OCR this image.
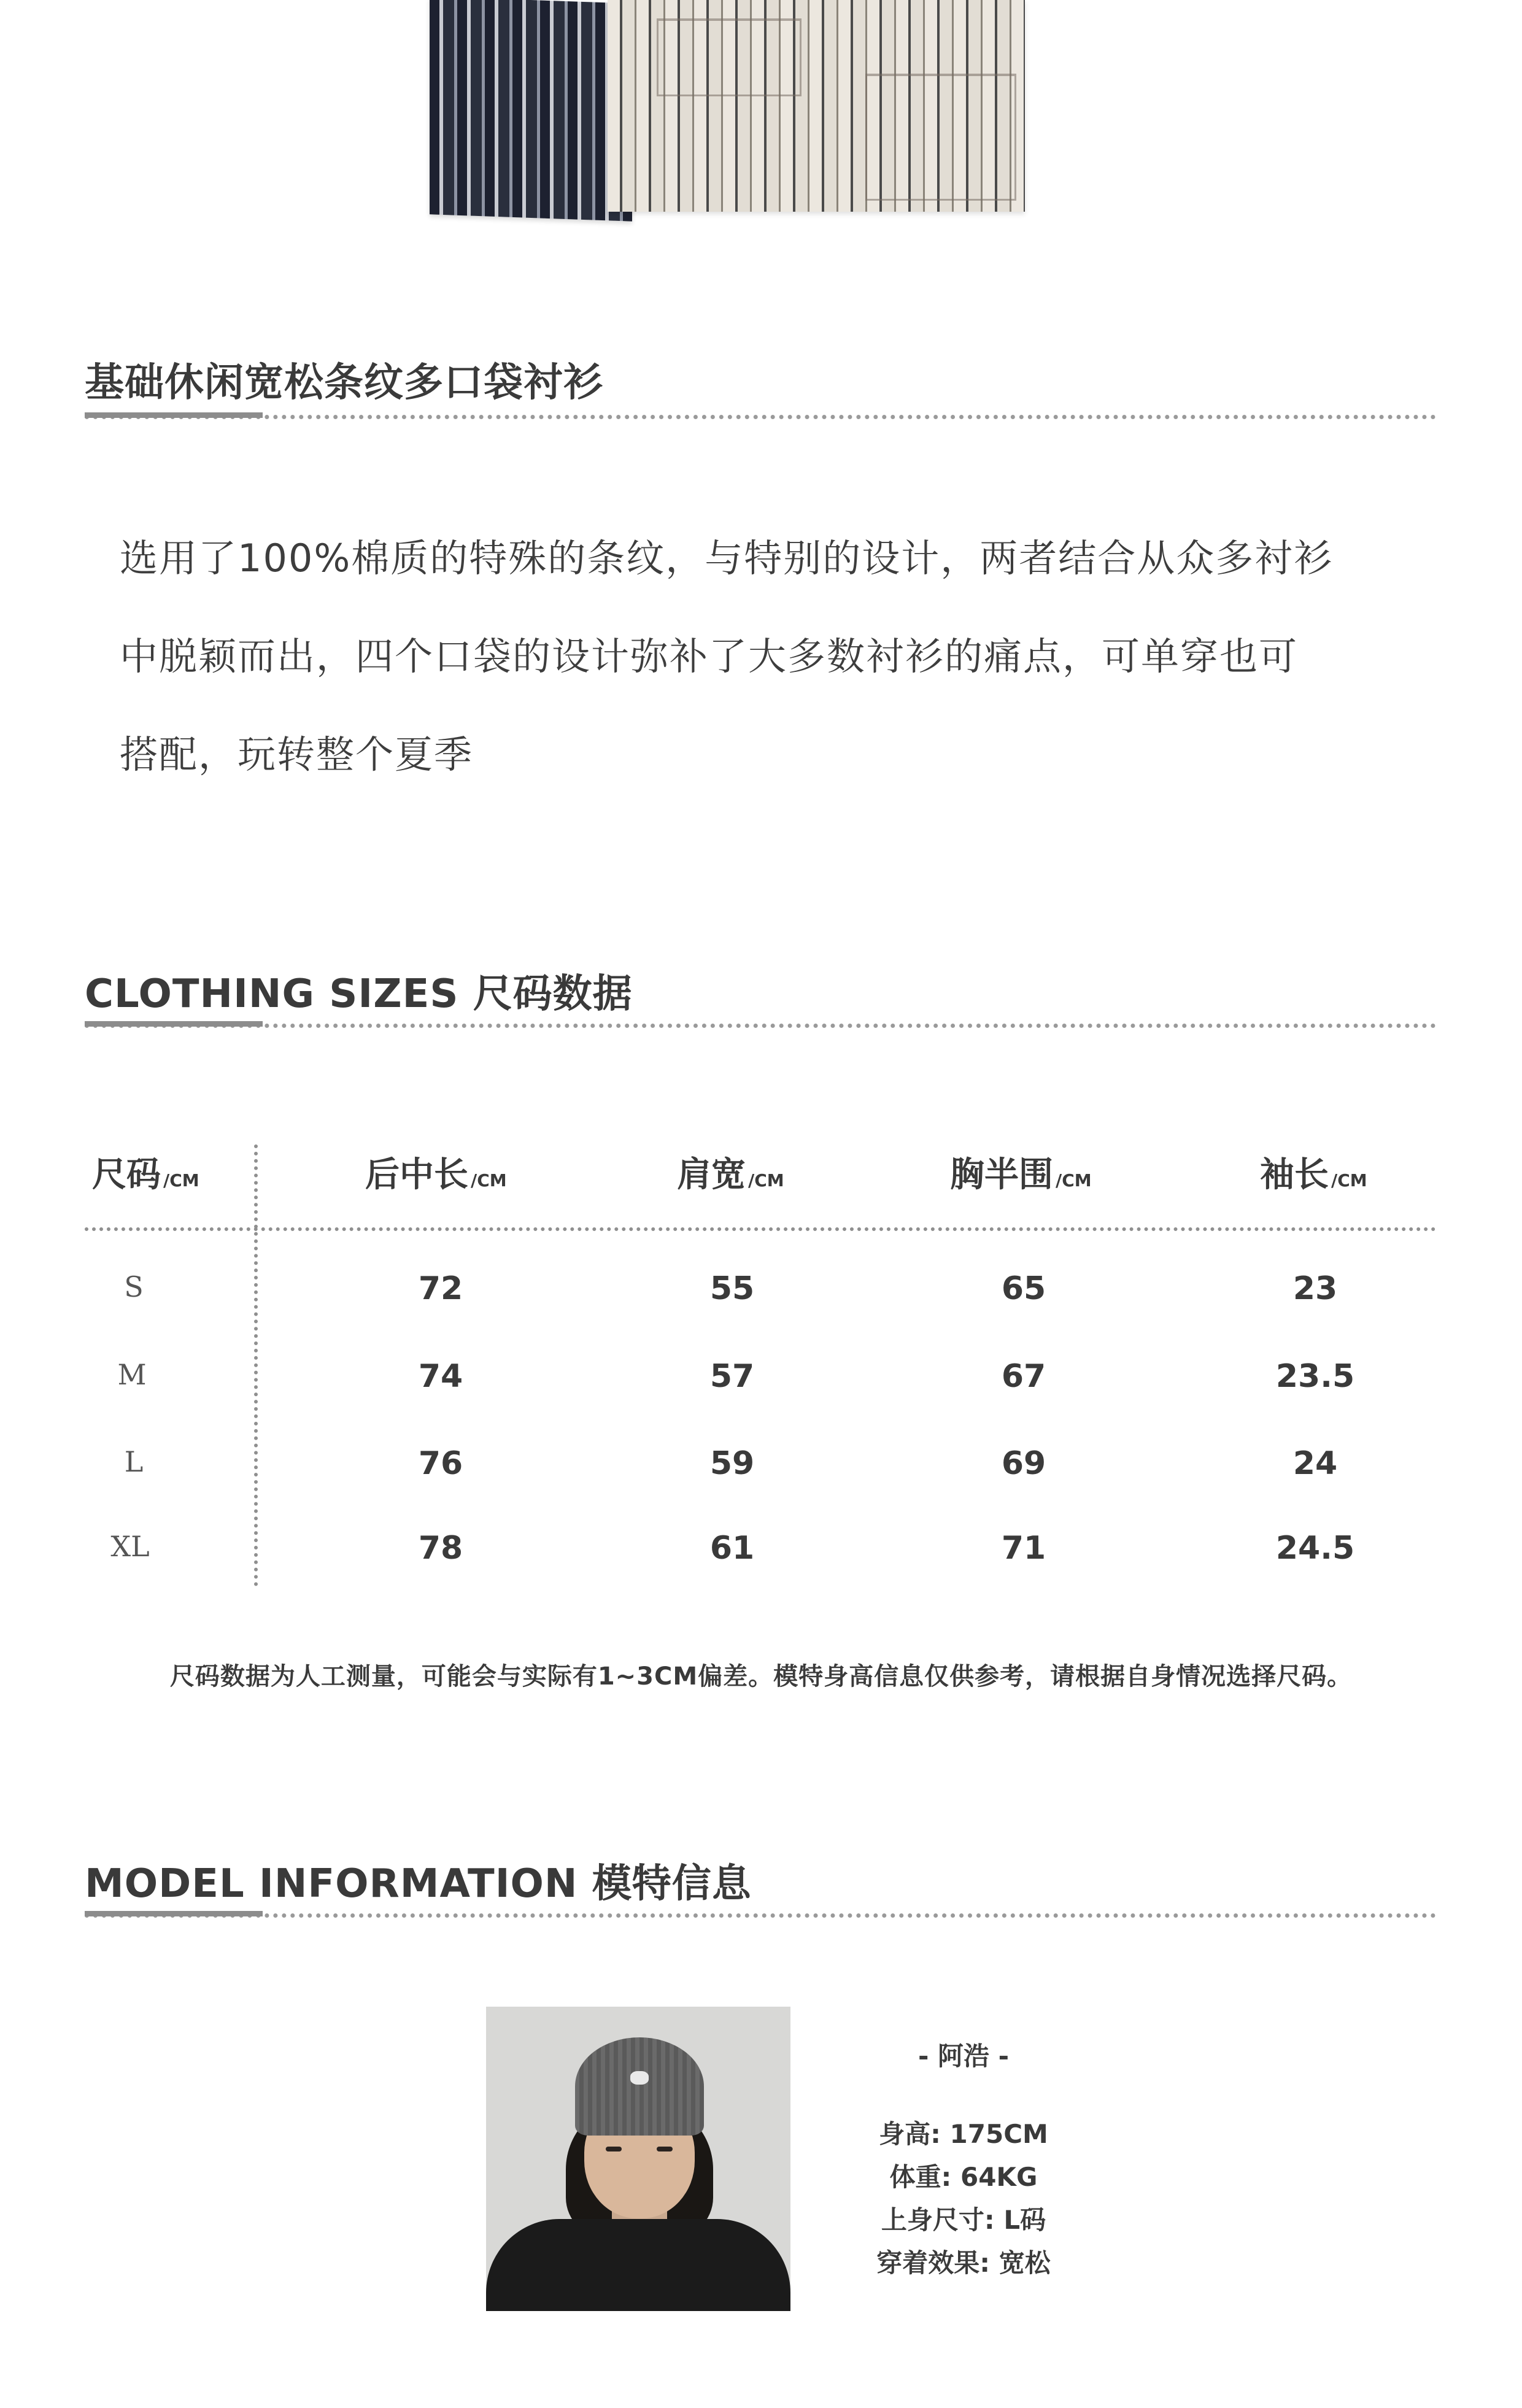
基础休闲宽松条纹多口袋衬衫
选用了100%棉质的特殊的条纹，与特别的设计，两者结合从众多衬衫
中脱颖而出，四个口袋的设计弥补了大多数衬衫的痛点，可单穿也可
搭配，玩转整个夏季
CLOTHING SIZES 尺码数据
尺码 /CM	后中长 /CM	肩宽 /CM	胸半围 /CM	袖长 /CM
S	72	55	65	23
M	74	57	67	23.5
L	76	59	69	24
XL	78	61	71	24.5
尺码数据为人工测量，可能会与实际有1~3CM偏差。模特身高信息仅供参考，请根据自身情况选择尺码。
MODEL INFORMATION 模特信息
- 阿浩 -
身高: 175CM
体重: 64KG
上身尺寸: L码
穿着效果: 宽松
